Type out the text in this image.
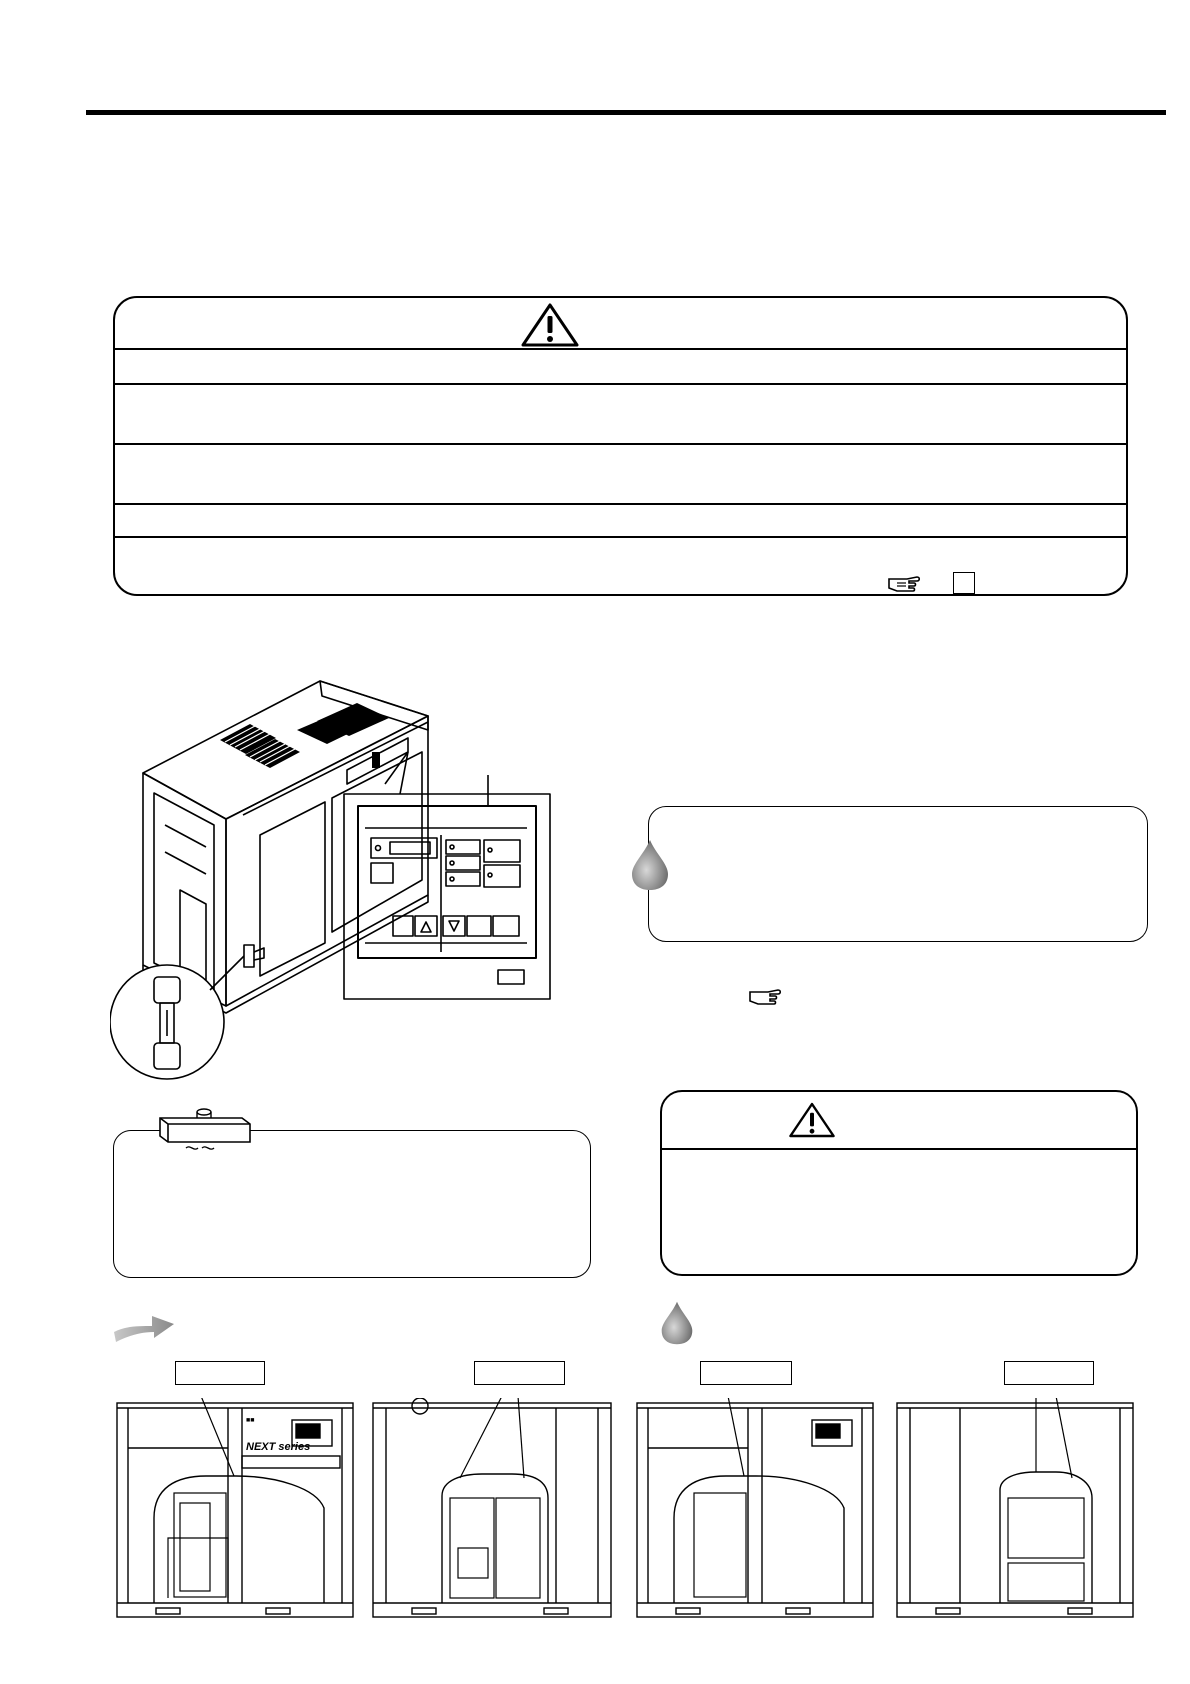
■■
NEXT series
